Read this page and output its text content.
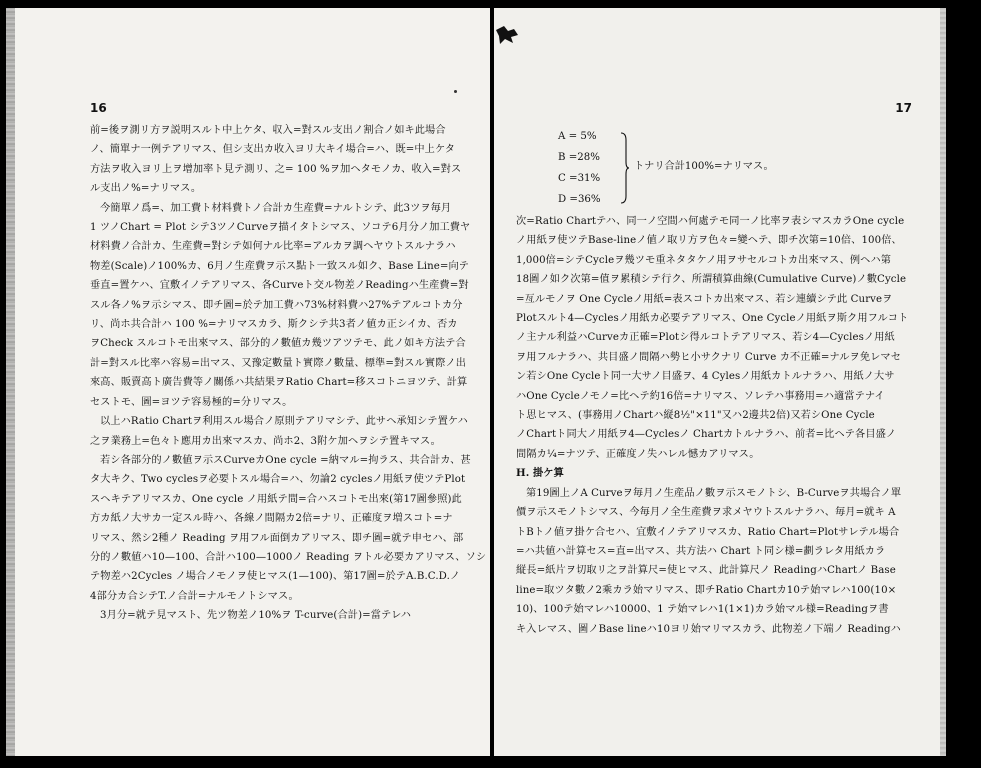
16
前=後ヲ測リ方ヲ説明スルト中上ケタ、収入=對スル支出ノ割合ノ如キ此場合
ノ、簡單ナ一例テアリマス、但シ支出カ收入ヨリ大キイ場合=ハ、既=中上ケタ
方法ヲ收入ヨリ上ヲ增加率ト見テ測リ、之= 100 %ヲ加ヘタモノカ、收入=對ス
ル支出ノ%=ナリマス。
今簡單ノ爲=、加工費ト材料費トノ合計カ生産費=ナルトシテ、此3ツヲ毎月
1 ツノChart = Plot シテ3ツノCurveヲ描イタトシマス、ソコテ6月分ノ加工費ヤ
材料費ノ合計カ、生産費=對シテ如何ナル比率=アルカヲ調ヘヤウトスルナラハ
物差(Scale)ノ100%カ、6月ノ生産費ヲ示ス點ト一致スル如ク、Base Line=向テ
垂直=置ケハ、宜敷イノテアリマス、各Curveト交ル物差ノReadingハ生産費=對
スル各ノ%ヲ示シマス、即チ圖=於テ加工費ハ73%材料費ハ27%テアルコトカ分
リ、尚ホ共合計ハ 100 %=ナリマスカラ、斯クシテ共3者ノ値カ正シイカ、否カ
ヲCheck スルコトモ出來マス、部分的ノ數値カ幾ツアツテモ、此ノ如キ方法テ合
計=對スル比率ハ容易=出マス、又豫定數量ト實際ノ數量、標準=對スル實際ノ出
來高、販賣高ト廣告費等ノ關係ハ共結果ヲRatio Chart=移スコトニヨツテ、計算
セストモ、圖=ヨツテ容易極的=分リマス。
以上ハRatio Chartヲ利用スル場合ノ原則テアリマシテ、此サヘ承知シテ置ケハ
之ヲ業務上=色々ト應用カ出來マスカ、尚ホ2、3附ケ加ヘヲシテ置キマス。
若シ各部分的ノ數値ヲ示スCurveカOne cycle =納マル=拘ラス、共合計カ、甚
タ大キク、Two cyclesヲ必要トスル場合=ハ、勿論2 cyclesノ用紙ヲ使ツテPlot
スヘキテアリマスカ、One cycle ノ用紙テ間=合ハスコトモ出來(第17圖參照)此
方カ紙ノ大サカ一定スル時ハ、各線ノ間隔カ2倍=ナリ、正確度ヲ増スコト=ナ
リマス、然シ2種ノ Reading ヲ用フル面倒カアリマス、即チ圖=就テ申セハ、部
分的ノ數値ハ10—100、合計ハ100—1000ノ Reading ヲトル必要カアリマス、ソシ
テ物差ハ2Cycles ノ場合ノモノヲ使ヒマス(1—100)、第17圖=於テA.B.C.D.ノ
4部分カ合シテT.ノ合計=ナルモノトシマス。
3月分=就テ見マスト、先ツ物差ノ10%ヲ T-curve(合計)=當テレハ
17
A = 5%
B =28%
C =31%
D =36%
トナリ合計100%=ナリマス。
次=Ratio Chartテハ、同一ノ空間ハ何處テモ同一ノ比率ヲ表シマスカラOne cycle
ノ用紙ヲ使ツテBase-lineノ値ノ取リ方ヲ色々=變ヘテ、即チ次第=10倍、100倍、
1,000倍=シテCycleヲ幾ツモ重ネタタケノ用ヲサセルコトカ出來マス、例ヘハ第
18圖ノ如ク次第=值ヲ累積シテ行ク、所謂積算曲線(Cumulative Curve)ノ數Cycle
=亙ルモノヲ One Cycleノ用紙=表スコトカ出來マス、若シ連續シテ此 Curveヲ
Plotスルト4—Cyclesノ用紙カ必要テアリマス、One Cycleノ用紙ヲ斯ク用フルコト
ノ主ナル利益ハCurveカ正確=Plotシ得ルコトテアリマス、若シ4—Cyclesノ用紙
ヲ用フルナラハ、共目盛ノ間隔ハ勢ヒ小サクナリ Curve カ不正確=ナルヲ免レマセ
ン若シOne Cycleト同一大サノ目盛ヲ、4 Cylesノ用紙カトルナラハ、用紙ノ大サ
ハOne Cycleノモノ=比ヘテ約16倍=ナリマス、ソレテハ事務用=ハ適當テナイ
ト思ヒマス、(事務用ノChartハ縦8½"×11"又ハ2邊共2倍)又若シOne Cycle
ノChartト同大ノ用紙ヲ4—Cyclesノ Chartカトルナラハ、前者=比ヘテ各目盛ノ
間隔カ¼=ナツテ、正確度ノ失ハレル憾カアリマス。
H. 掛ケ算
第19圖上ノA Curveヲ毎月ノ生産品ノ數ヲ示スモノトシ、B-Curveヲ共場合ノ單
價ヲ示スモノトシマス、今毎月ノ全生産費ヲ求メヤウトスルナラハ、毎月=就キ A
トBトノ値ヲ掛ケ合セハ、宜敷イノテアリマスカ、Ratio Chart=Plotサレテル場合
=ハ共値ハ計算セス=直=出マス、共方法ハ Chart ト同シ様=劃ラレタ用紙カラ
縦長=紙片ヲ切取リ之ヲ計算尺=使ヒマス、此計算尺ノ ReadingハChartノ Base
line=取ツタ數ノ2乘カラ始マリマス、即チRatio Chartカ10テ始マレハ100(10×
10)、100テ始マレハ10000、1 テ始マレハ1(1×1)カラ始マル様=Readingヲ書
キ入レマス、圖ノBase lineハ10ヨリ始マリマスカラ、此物差ノ下端ノ Readingハ
